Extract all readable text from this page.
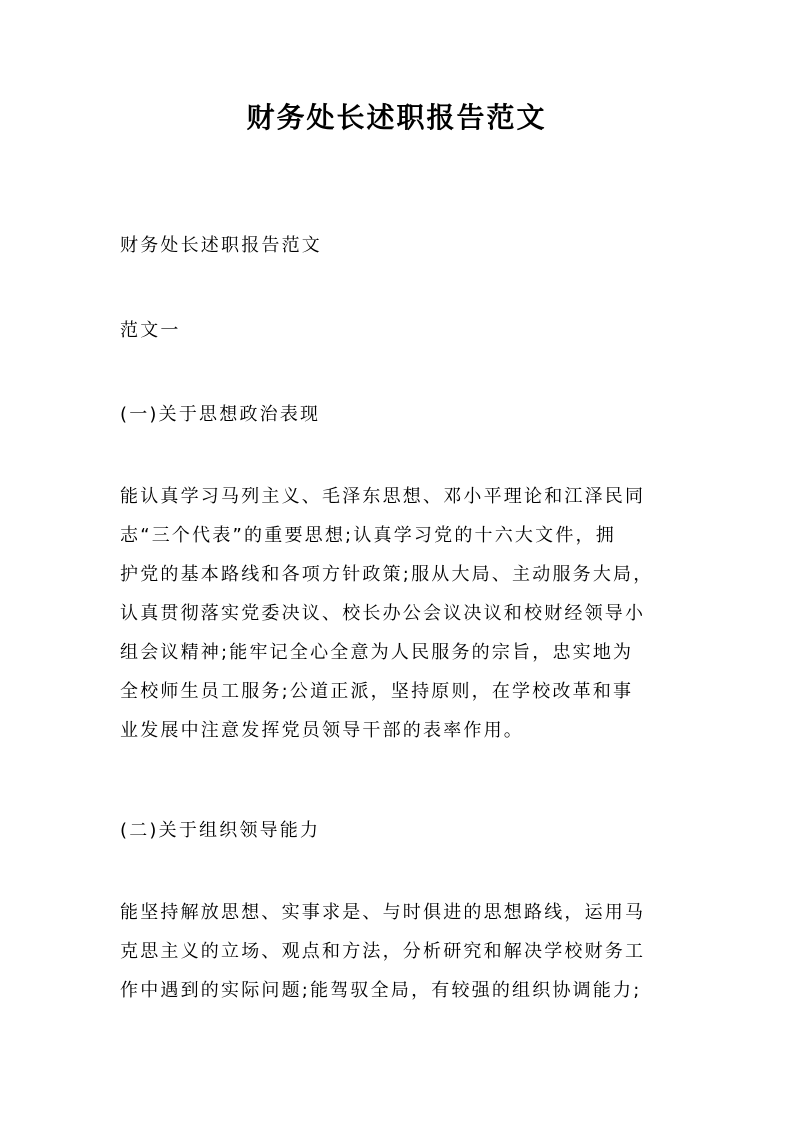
财务处长述职报告范文
财务处长述职报告范文
范文一
(一)关于思想政治表现
能认真学习马列主义、毛泽东思想、邓小平理论和江泽民同
志“三个代表”的重要思想;认真学习党的十六大文件，拥
护党的基本路线和各项方针政策;服从大局、主动服务大局，
认真贯彻落实党委决议、校长办公会议决议和校财经领导小
组会议精神;能牢记全心全意为人民服务的宗旨，忠实地为
全校师生员工服务;公道正派，坚持原则，在学校改革和事
业发展中注意发挥党员领导干部的表率作用。
(二)关于组织领导能力
能坚持解放思想、实事求是、与时俱进的思想路线，运用马
克思主义的立场、观点和方法，分析研究和解决学校财务工
作中遇到的实际问题;能驾驭全局，有较强的组织协调能力;
